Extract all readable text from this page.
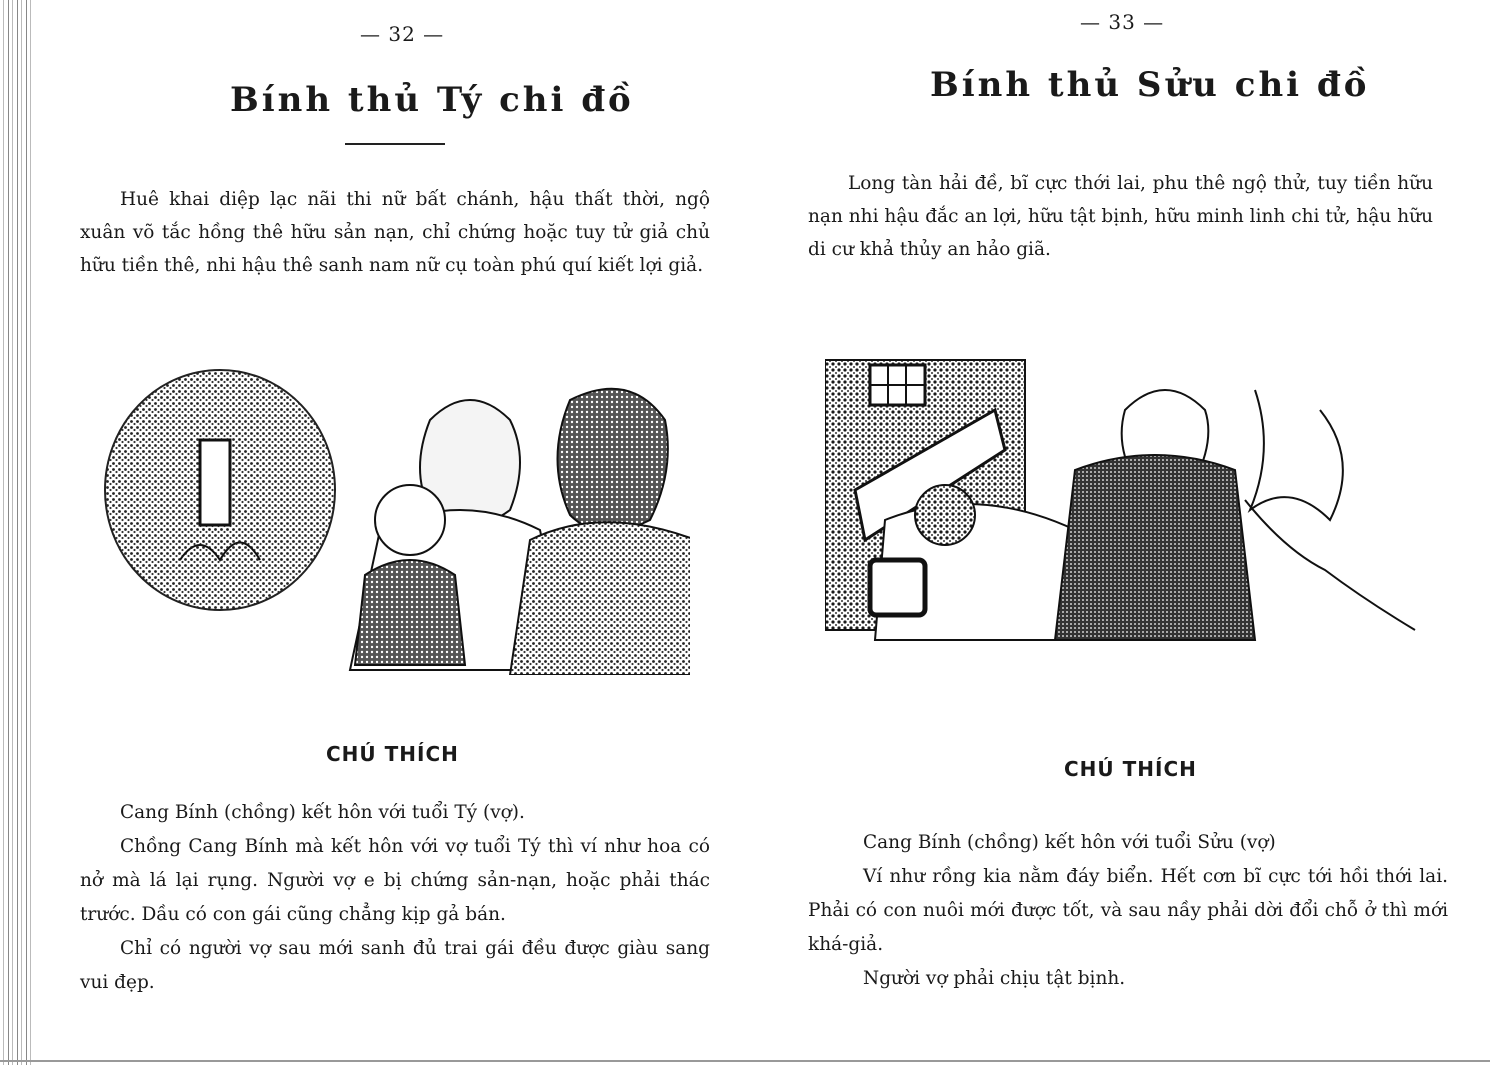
— 32 —
Bính thủ Tý chi đồ

Huê khai diệp lạc nãi thi nữ bất chánh, hậu thất thời, ngộ xuân võ tắc hồng thê hữu sản nạn, chỉ chứng hoặc tuy tử giả chủ hữu tiền thê, nhi hậu thê sanh nam nữ cụ toàn phú quí kiết lợi giả.

CHÚ THÍCH

Cang Bính (chồng) kết hôn với tuổi Tý (vợ).

Chồng Cang Bính mà kết hôn với vợ tuổi Tý thì ví như hoa có nở mà lá lại rụng. Người vợ e bị chứng sản-nạn, hoặc phải thác trước. Dầu có con gái cũng chẳng kịp gả bán.

Chỉ có người vợ sau mới sanh đủ trai gái đều được giàu sang vui đẹp.

— 33 —
Bính thủ Sửu chi đồ

Long tàn hải đề, bĩ cực thới lai, phu thê ngộ thử, tuy tiền hữu nạn nhi hậu đắc an lợi, hữu tật bịnh, hữu minh linh chi tử, hậu hữu di cư khả thủy an hảo giã.

CHÚ THÍCH

Cang Bính (chồng) kết hôn với tuổi Sửu (vợ)

Ví như rồng kia nằm đáy biển. Hết cơn bĩ cực tới hồi thới lai. Phải có con nuôi mới được tốt, và sau nầy phải dời đổi chỗ ở thì mới khá-giả.

Người vợ phải chịu tật bịnh.
